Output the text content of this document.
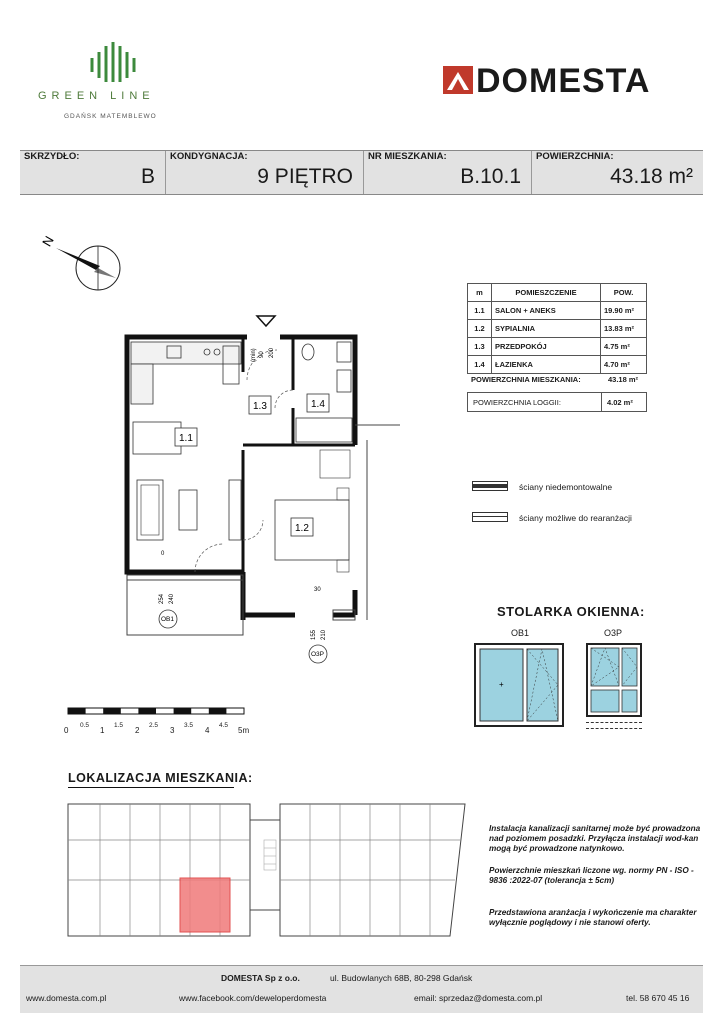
GREEN LINE
GDAŃSK MATEMBLEWO
DOMESTA
SKRZYDŁO:
B
KONDYGNACJA:
9 PIĘTRO
NR MIESZKANIA:
B.10.1
POWIERZCHNIA:
43.18 m²
N
1.1
1.2
1.3	1.4
90 200
(min)
0
254 240
30
155 210
OB1
O3P
m	POMIESZCZENIE	POW.
1.1	SALON + ANEKS	19.90 m²
1.2	SYPIALNIA	13.83 m²
1.3	PRZEDPOKÓJ	4.75 m²
1.4	ŁAZIENKA	4.70 m²
POWIERZCHNIA MIESZKANIA:	43.18 m²
POWIERZCHNIA LOGGII:	4.02 m²
ściany niedemontowalne
ściany możliwe do rearanżacji
STOLARKA OKIENNA:
OB1	O3P
+
0
0.5
1
1.5
2
2.5
3
3.5
4
4.5
5m
LOKALIZACJA MIESZKANIA:
Instalacja kanalizacji sanitarnej może być prowadzona nad poziomem posadzki. Przyłącza instalacji wod-kan mogą być prowadzone natynkowo.
Powierzchnie mieszkań liczone wg. normy PN - ISO - 9836 :2022-07 (tolerancja ± 5cm)
Przedstawiona aranżacja i wykończenie ma charakter wyłącznie poglądowy i nie stanowi oferty.
DOMESTA Sp z o.o.	ul. Budowlanych 68B, 80-298 Gdańsk
www.domesta.com.pl	www.facebook.com/deweloperdomesta	email: sprzedaz@domesta.com.pl	tel. 58 670 45 16
